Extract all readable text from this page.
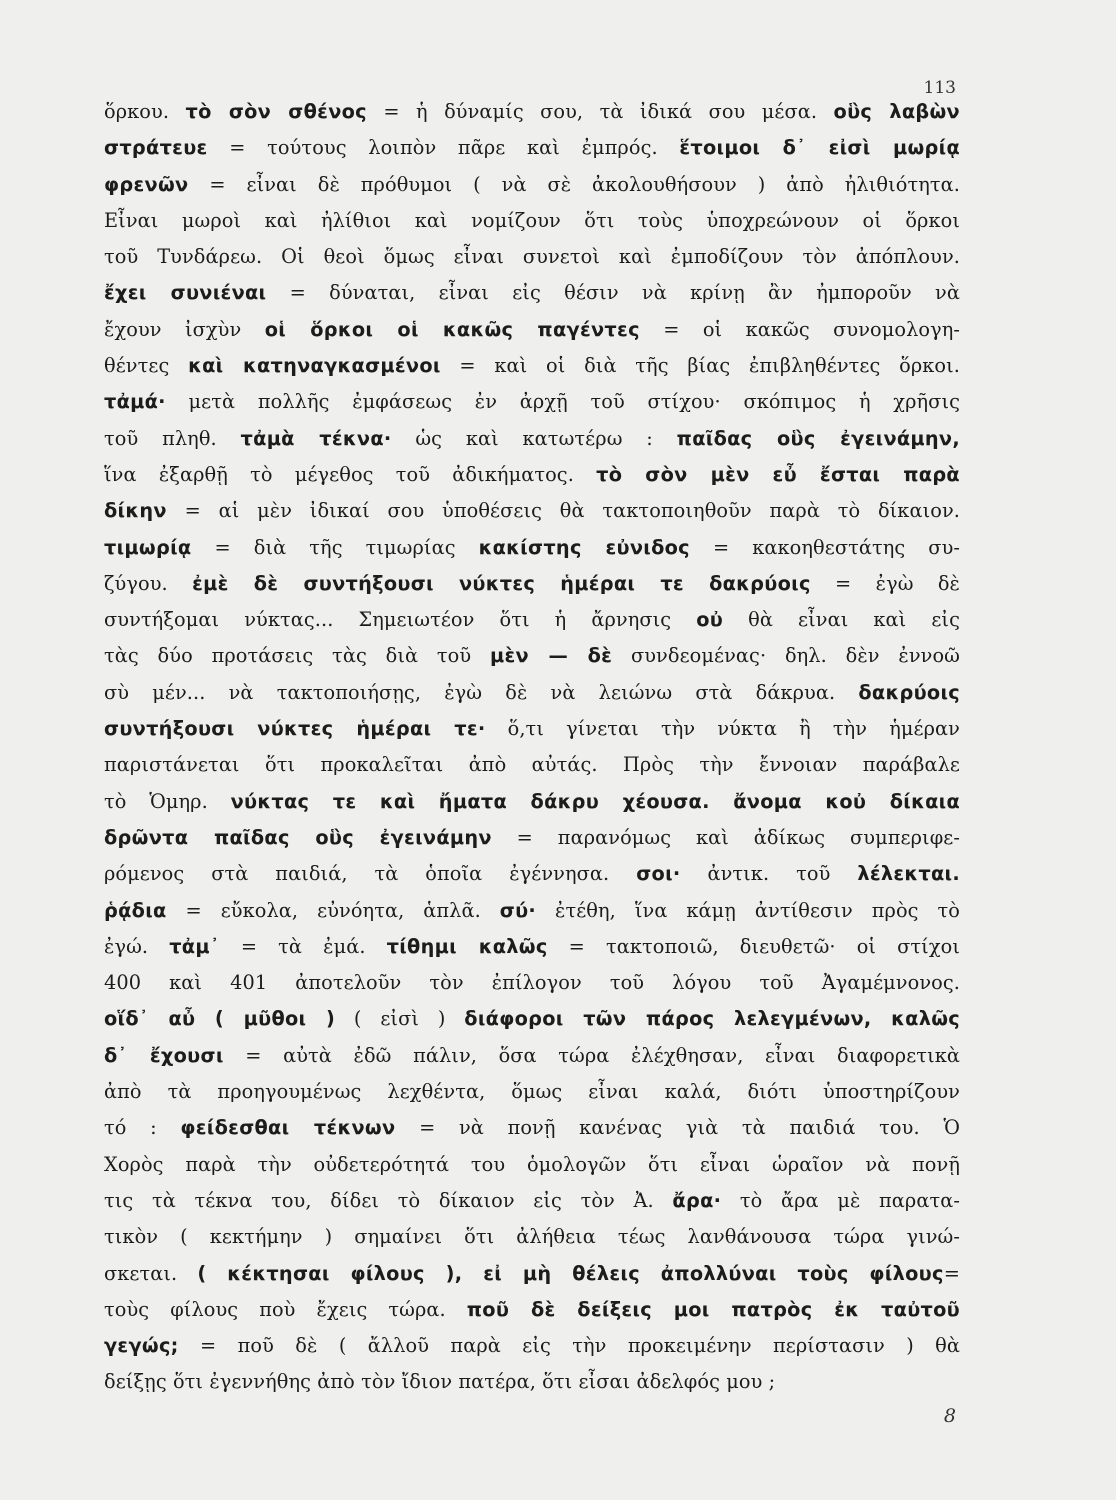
113
ὅρκου. τὸ σὸν σθένος = ἡ δύναμίς σου, τὰ ἰδικά σου μέσα. οὓς λαβὼν
στράτευε = τούτους λοιπὸν πᾶρε καὶ ἐμπρός. ἕτοιμοι δ᾽ εἰσὶ μωρίᾳ
φρενῶν = εἶναι δὲ πρόθυμοι ( νὰ σὲ ἀκολουθήσουν ) ἀπὸ ἠλιθιότητα.
Εἶναι μωροὶ καὶ ἠλίθιοι καὶ νομίζουν ὅτι τοὺς ὑποχρεώνουν οἱ ὅρκοι
τοῦ Τυνδάρεω. Οἱ θεοὶ ὅμως εἶναι συνετοὶ καὶ ἐμποδίζουν τὸν ἀπόπλουν.
ἔχει συνιέναι = δύναται, εἶναι εἰς θέσιν νὰ κρίνῃ ἂν ἠμποροῦν νὰ
ἔχουν ἰσχὺν οἱ ὅρκοι οἱ κακῶς παγέντες = οἱ κακῶς συνομολογη-
θέντες καὶ κατηναγκασμένοι = καὶ οἱ διὰ τῆς βίας ἐπιβληθέντες ὅρκοι.
τἀμά· μετὰ πολλῆς ἐμφάσεως ἐν ἀρχῇ τοῦ στίχου· σκόπιμος ἡ χρῆσις
τοῦ πληθ. τἀμὰ τέκνα· ὡς καὶ κατωτέρω : παῖδας οὓς ἐγεινάμην,
ἵνα ἐξαρθῇ τὸ μέγεθος τοῦ ἀδικήματος. τὸ σὸν μὲν εὖ ἔσται παρὰ
δίκην = αἱ μὲν ἰδικαί σου ὑποθέσεις θὰ τακτοποιηθοῦν παρὰ τὸ δίκαιον.
τιμωρίᾳ = διὰ τῆς τιμωρίας κακίστης εὐνιδος = κακοηθεστάτης συ-
ζύγου. ἐμὲ δὲ συντήξουσι νύκτες ἡμέραι τε δακρύοις = ἐγὼ δὲ
συντήξομαι νύκτας... Σημειωτέον ὅτι ἡ ἄρνησις οὐ θὰ εἶναι καὶ εἰς
τὰς δύο προτάσεις τὰς διὰ τοῦ μὲν — δὲ συνδεομένας· δηλ. δὲν ἐννοῶ
σὺ μέν... νὰ τακτοποιήσῃς, ἐγὼ δὲ νὰ λειώνω στὰ δάκρυα. δακρύοις
συντήξουσι νύκτες ἡμέραι τε· ὅ,τι γίνεται τὴν νύκτα ἢ τὴν ἡμέραν
παριστάνεται ὅτι προκαλεῖται ἀπὸ αὐτάς. Πρὸς τὴν ἔννοιαν παράβαλε
τὸ Ὁμηρ. νύκτας τε καὶ ἤματα δάκρυ χέουσα. ἄνομα κοὐ δίκαια
δρῶντα παῖδας οὓς ἐγεινάμην = παρανόμως καὶ ἀδίκως συμπεριφε-
ρόμενος στὰ παιδιά, τὰ ὁποῖα ἐγέννησα. σοι· ἀντικ. τοῦ λέλεκται.
ῥᾴδια = εὔκολα, εὐνόητα, ἁπλᾶ. σύ· ἐτέθη, ἵνα κάμῃ ἀντίθεσιν πρὸς τὸ
ἐγώ. τἀμ᾽ = τὰ ἐμά. τίθημι καλῶς = τακτοποιῶ, διευθετῶ· οἱ στίχοι
400 καὶ 401 ἀποτελοῦν τὸν ἐπίλογον τοῦ λόγου τοῦ Ἀγαμέμνονος.
οἵδ᾽ αὖ ( μῦθοι ) ( εἰσὶ ) διάφοροι τῶν πάρος λελεγμένων, καλῶς
δ᾽ ἔχουσι = αὐτὰ ἐδῶ πάλιν, ὅσα τώρα ἐλέχθησαν, εἶναι διαφορετικὰ
ἀπὸ τὰ προηγουμένως λεχθέντα, ὅμως εἶναι καλά, διότι ὑποστηρίζουν
τό : φείδεσθαι τέκνων = νὰ πονῇ κανένας γιὰ τὰ παιδιά του. Ὁ
Χορὸς παρὰ τὴν οὐδετερότητά του ὁμολογῶν ὅτι εἶναι ὡραῖον νὰ πονῇ
τις τὰ τέκνα του, δίδει τὸ δίκαιον εἰς τὸν Ἀ. ἄρα· τὸ ἄρα μὲ παρατα-
τικὸν ( κεκτήμην ) σημαίνει ὅτι ἀλήθεια τέως λανθάνουσα τώρα γινώ-
σκεται. ( κέκτησαι φίλους ), εἰ μὴ θέλεις ἀπολλύναι τοὺς φίλους=
τοὺς φίλους ποὺ ἔχεις τώρα. ποῦ δὲ δείξεις μοι πατρὸς ἐκ ταὐτοῦ
γεγώς; = ποῦ δὲ ( ἄλλοῦ παρὰ εἰς τὴν προκειμένην περίστασιν ) θὰ
δείξῃς ὅτι ἐγεννήθης ἀπὸ τὸν ἴδιον πατέρα, ὅτι εἶσαι ἀδελφός μου ;
8
